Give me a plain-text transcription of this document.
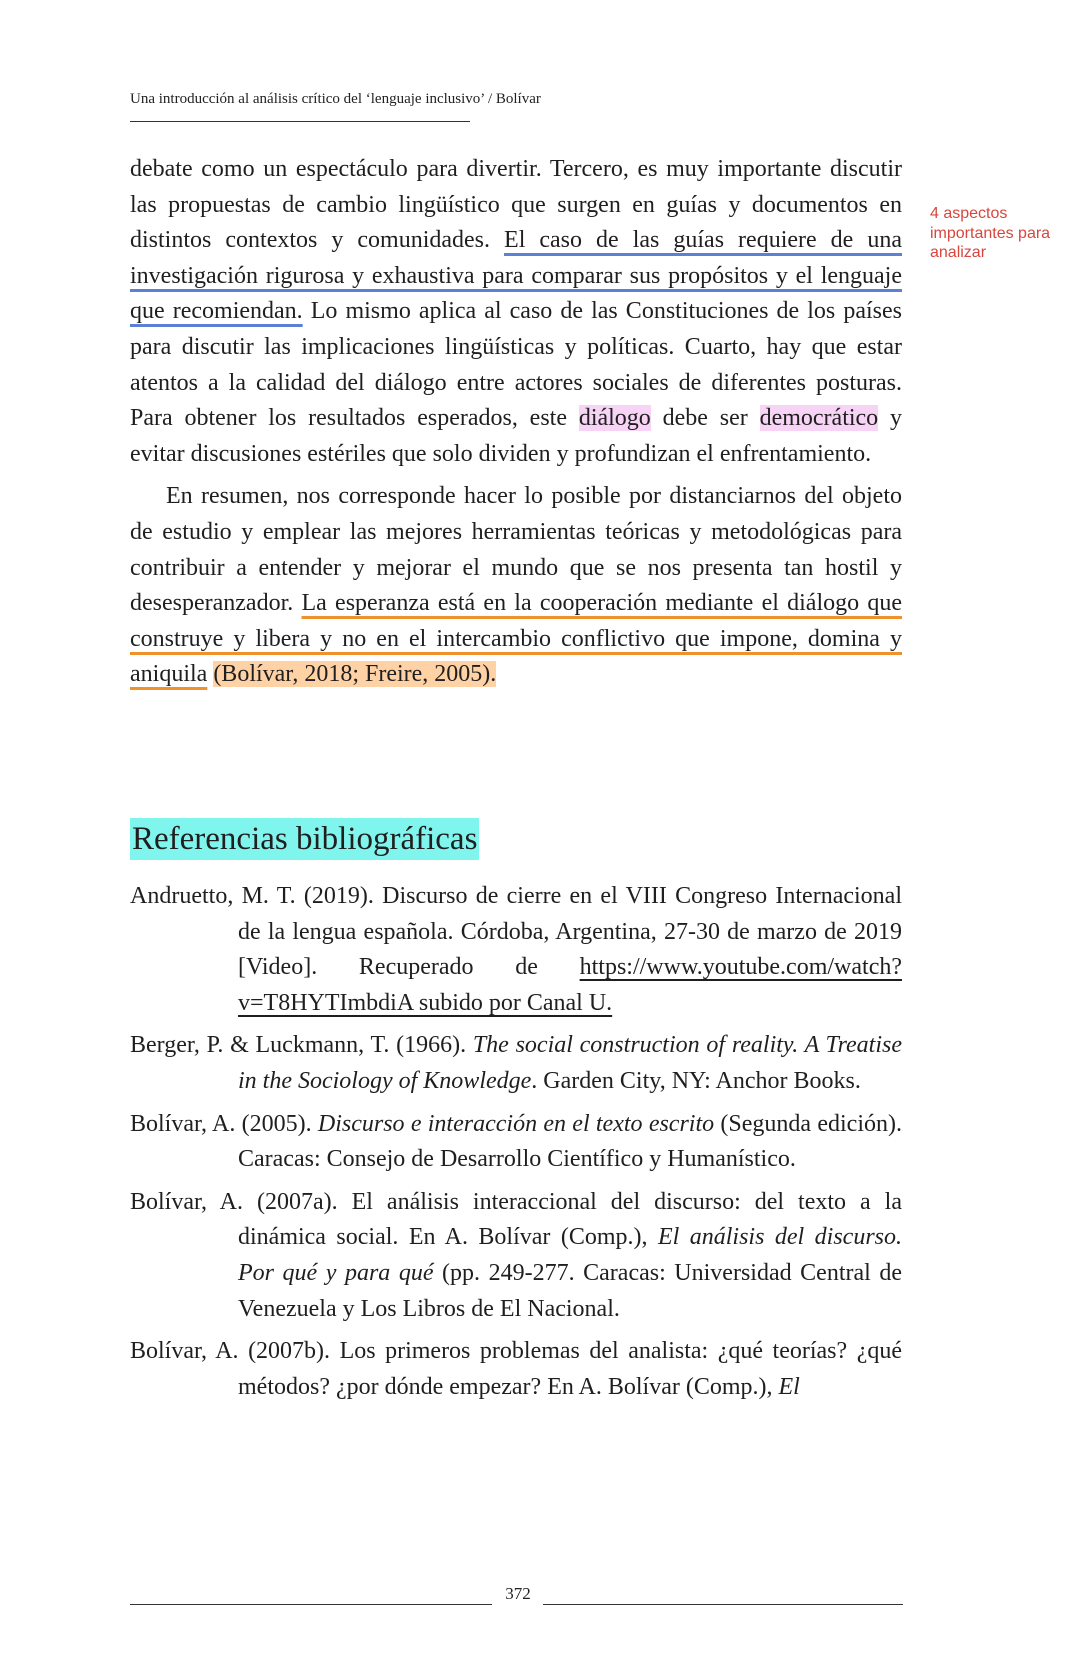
Una introducción al análisis crítico del ‘lenguaje inclusivo’ / Bolívar
4 aspectos importantes para analizar

debate como un espectáculo para divertir. Tercero, es muy importante discutir las propuestas de cambio lingüístico que surgen en guías y documentos en distintos contextos y comunidades. El caso de las guías requiere de una investigación rigurosa y exhaustiva para comparar sus propósitos y el lenguaje que recomiendan. Lo mismo aplica al caso de las Constituciones de los países para discutir las implicaciones lingüísticas y políticas. Cuarto, hay que estar atentos a la calidad del diálogo entre actores sociales de diferentes posturas. Para obtener los resultados esperados, este diálogo debe ser democrático y evitar discusiones estériles que solo dividen y profundizan el enfrentamiento.

En resumen, nos corresponde hacer lo posible por distanciarnos del objeto de estudio y emplear las mejores herramientas teóricas y metodológicas para contribuir a entender y mejorar el mundo que se nos presenta tan hostil y desesperanzador. La esperanza está en la cooperación mediante el diálogo que construye y libera y no en el intercambio conflictivo que impone, domina y aniquila (Bolívar, 2018; Freire, 2005).

Referencias bibliográficas

Andruetto, M. T. (2019). Discurso de cierre en el VIII Congreso Internacional de la lengua española. Córdoba, Argentina, 27-30 de marzo de 2019 [Video]. Recuperado de https://www.youtube.com/watch?v=T8HYTImbdiA subido por Canal U.

Berger, P. & Luckmann, T. (1966). The social construction of reality. A Treatise in the Sociology of Knowledge. Garden City, NY: Anchor Books.

Bolívar, A. (2005). Discurso e interacción en el texto escrito (Segunda edición). Caracas: Consejo de Desarrollo Científico y Humanístico.

Bolívar, A. (2007a). El análisis interaccional del discurso: del texto a la dinámica social. En A. Bolívar (Comp.), El análisis del discurso. Por qué y para qué (pp. 249-277. Caracas: Universidad Central de Venezuela y Los Libros de El Nacional.

Bolívar, A. (2007b). Los primeros problemas del analista: ¿qué teorías? ¿qué métodos? ¿por dónde empezar? En A. Bolívar (Comp.), El

372
